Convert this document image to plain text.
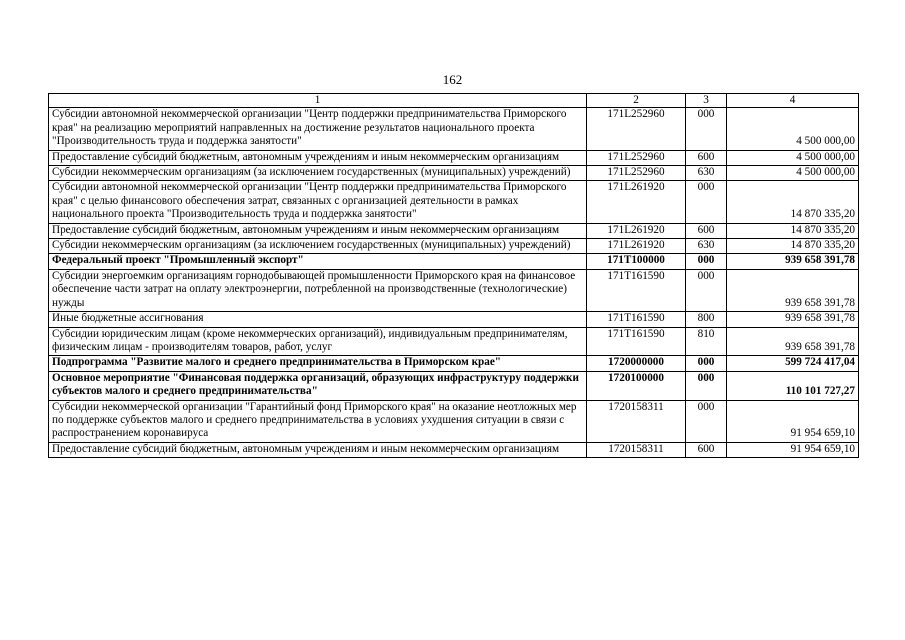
162
1	2	3	4
Субсидии автономной некоммерческой организации "Центр поддержки предпринимательства Приморского края" на реализацию мероприятий направленных на достижение результатов национального проекта "Производительность труда и поддержка занятости"	171L252960	000	4 500 000,00
Предоставление субсидий бюджетным, автономным учреждениям и иным некоммерческим организациям	171L252960	600	4 500 000,00
Субсидии некоммерческим организациям (за исключением государственных (муниципальных) учреждений)	171L252960	630	4 500 000,00
Субсидии автономной некоммерческой организации "Центр поддержки предпринимательства Приморского края" с целью финансового обеспечения затрат, связанных с организацией деятельности в рамках национального проекта "Производительность труда и поддержка занятости"	171L261920	000	14 870 335,20
Предоставление субсидий бюджетным, автономным учреждениям и иным некоммерческим организациям	171L261920	600	14 870 335,20
Субсидии некоммерческим организациям (за исключением государственных (муниципальных) учреждений)	171L261920	630	14 870 335,20
Федеральный проект "Промышленный экспорт"	171T100000	000	939 658 391,78
Субсидии энергоемким организациям горнодобывающей промышленности Приморского края на финансовое обеспечение части затрат на оплату электроэнергии, потребленной на производственные (технологические) нужды	171T161590	000	939 658 391,78
Иные бюджетные ассигнования	171T161590	800	939 658 391,78
Субсидии юридическим лицам (кроме некоммерческих организаций), индивидуальным предпринимателям, физическим лицам - производителям товаров, работ, услуг	171T161590	810	939 658 391,78
Подпрограмма "Развитие малого и среднего предпринимательства в Приморском крае"	1720000000	000	599 724 417,04
Основное мероприятие "Финансовая поддержка организаций, образующих инфраструктуру поддержки субъектов малого и среднего предпринимательства"	1720100000	000	110 101 727,27
Субсидии некоммерческой организации "Гарантийный фонд Приморского края" на оказание неотложных мер по поддержке субъектов малого и среднего предпринимательства в условиях ухудшения ситуации в связи с распространением коронавируса	1720158311	000	91 954 659,10
Предоставление субсидий бюджетным, автономным учреждениям и иным некоммерческим организациям	1720158311	600	91 954 659,10
